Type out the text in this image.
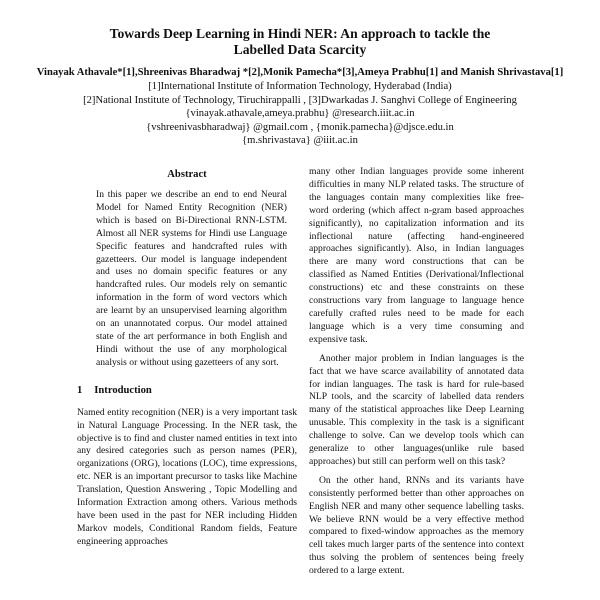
Towards Deep Learning in Hindi NER: An approach to tackle the
Labelled Data Scarcity
Vinayak Athavale*[1],Shreenivas Bharadwaj *[2],Monik Pamecha*[3],Ameya Prabhu[1] and Manish Shrivastava[1]
[1]International Institute of Information Technology, Hyderabad (India)
[2]National Institute of Technology, Tiruchirappalli , [3]Dwarkadas J. Sanghvi College of Engineering
{vinayak.athavale,ameya.prabhu} @research.iiit.ac.in
{vshreenivasbharadwaj} @gmail.com , {monik.pamecha}@djsce.edu.in
{m.shrivastava} @iiit.ac.in
Abstract

In this paper we describe an end to end Neural Model for Named Entity Recognition (NER) which is based on Bi-Directional RNN-LSTM. Almost all NER systems for Hindi use Language Specific features and handcrafted rules with gazetteers. Our model is language independent and uses no domain specific features or any handcrafted rules. Our models rely on semantic information in the form of word vectors which are learnt by an unsupervised learning algorithm on an unannotated corpus. Our model attained state of the art performance in both English and Hindi without the use of any morphological analysis or without using gazetteers of any sort.

1 Introduction

Named entity recognition (NER) is a very important task in Natural Language Processing. In the NER task, the objective is to find and cluster named entities in text into any desired categories such as person names (PER), organizations (ORG), locations (LOC), time expressions, etc. NER is an important precursor to tasks like Machine Translation, Question Answering , Topic Modelling and Information Extraction among others. Various methods have been used in the past for NER including Hidden Markov models, Conditional Random fields, Feature engineering approaches

many other Indian languages provide some inherent difficulties in many NLP related tasks. The structure of the languages contain many complexities like free-word ordering (which affect n-gram based approaches significantly), no capitalization information and its inflectional nature (affecting hand-engineered approaches significantly). Also, in Indian languages there are many word constructions that can be classified as Named Entities (Derivational/Inflectional constructions) etc and these constraints on these constructions vary from language to language hence carefully crafted rules need to be made for each language which is a very time consuming and expensive task.

Another major problem in Indian languages is the fact that we have scarce availability of annotated data for indian languages. The task is hard for rule-based NLP tools, and the scarcity of labelled data renders many of the statistical approaches like Deep Learning unusable. This complexity in the task is a significant challenge to solve. Can we develop tools which can generalize to other languages(unlike rule based approaches) but still can perform well on this task?

On the other hand, RNNs and its variants have consistently performed better than other approaches on English NER and many other sequence labelling tasks. We believe RNN would be a very effective method compared to fixed-window approaches as the memory cell takes much larger parts of the sentence into context thus solving the problem of sentences being freely ordered to a large extent.
